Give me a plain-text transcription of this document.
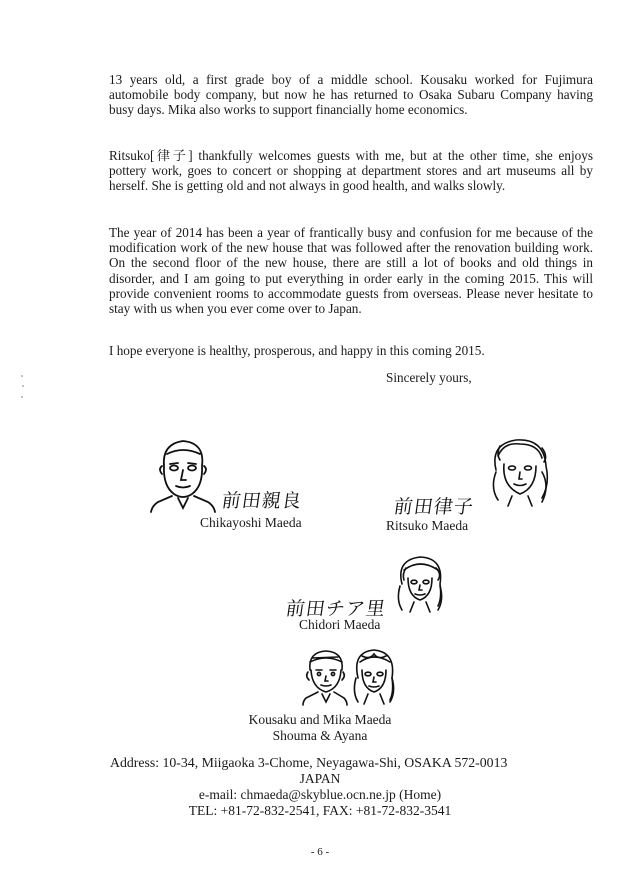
13 years old, a first grade boy of a middle school. Kousaku worked for Fujimura automobile body company, but now he has returned to Osaka Subaru Company having busy days. Mika also works to support financially home economics.

Ritsuko[律子] thankfully welcomes guests with me, but at the other time, she enjoys pottery work, goes to concert or shopping at department stores and art museums all by herself. She is getting old and not always in good health, and walks slowly.

The year of 2014 has been a year of frantically busy and confusion for me because of the modification work of the new house that was followed after the renovation building work. On the second floor of the new house, there are still a lot of books and old things in disorder, and I am going to put everything in order early in the coming 2015. This will provide convenient rooms to accommodate guests from overseas. Please never hesitate to stay with us when you ever come over to Japan.

I hope everyone is healthy, prosperous, and happy in this coming 2015.

Sincerely yours,
前田親良
Chikayoshi Maeda
前田律子
Ritsuko Maeda
前田チア里
Chidori Maeda
Kousaku and Mika Maeda
Shouma & Ayana
Address: 10-34, Miigaoka 3-Chome, Neyagawa-Shi, OSAKA 572-0013
JAPAN
e-mail: chmaeda@skyblue.ocn.ne.jp (Home)
TEL: +81-72-832-2541, FAX: +81-72-832-3541
- 6 -
